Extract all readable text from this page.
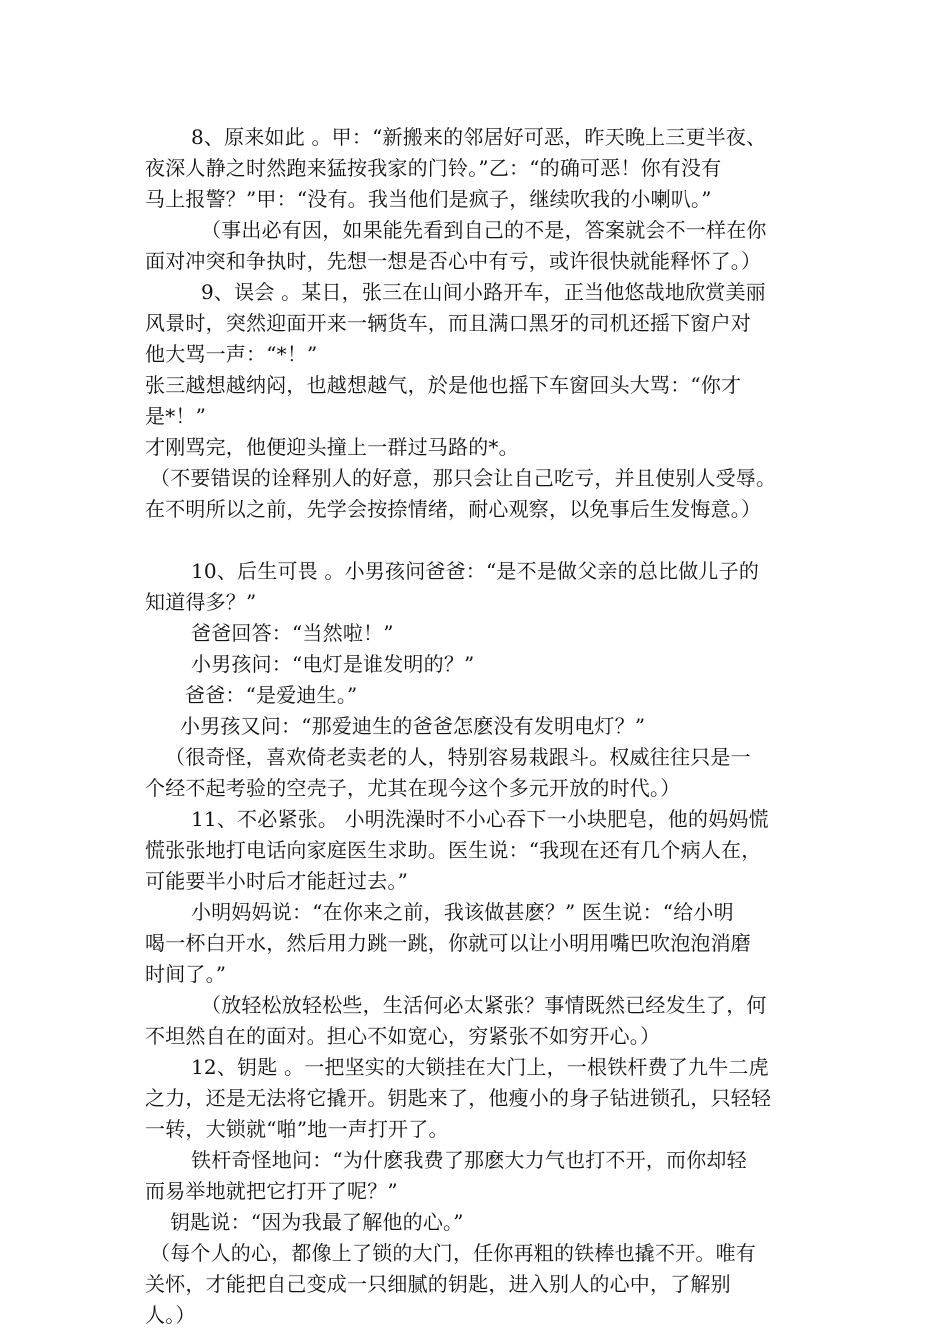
8、原来如此 。甲：“新搬来的邻居好可恶，昨天晚上三更半夜、
夜深人静之时然跑来猛按我家的门铃。”乙：“的确可恶！你有没有
马上报警？”甲：“没有。我当他们是疯子，继续吹我的小喇叭。”
（事出必有因，如果能先看到自己的不是，答案就会不一样在你
面对冲突和争执时，先想一想是否心中有亏，或许很快就能释怀了。）
9、误会 。某日，张三在山间小路开车，正当他悠哉地欣赏美丽
风景时，突然迎面开来一辆货车，而且满口黑牙的司机还摇下窗户对
他大骂一声：“*！”
张三越想越纳闷，也越想越气，於是他也摇下车窗回头大骂：“你才
是*！”
才刚骂完，他便迎头撞上一群过马路的*。
（不要错误的诠释别人的好意，那只会让自己吃亏，并且使别人受辱。
在不明所以之前，先学会按捺情绪，耐心观察，以免事后生发悔意。）
10、后生可畏 。小男孩问爸爸：“是不是做父亲的总比做儿子的
知道得多？”
爸爸回答：“当然啦！”
小男孩问：“电灯是谁发明的？”
爸爸：“是爱迪生。”
小男孩又问：“那爱迪生的爸爸怎麽没有发明电灯？”
（很奇怪，喜欢倚老卖老的人，特别容易栽跟斗。权威往往只是一
个经不起考验的空壳子，尤其在现今这个多元开放的时代。）
11、不必紧张。 小明洗澡时不小心吞下一小块肥皂，他的妈妈慌
慌张张地打电话向家庭医生求助。医生说：“我现在还有几个病人在，
可能要半小时后才能赶过去。”
小明妈妈说：“在你来之前，我该做甚麽？” 医生说：“给小明
喝一杯白开水，然后用力跳一跳，你就可以让小明用嘴巴吹泡泡消磨
时间了。”
（放轻松放轻松些，生活何必太紧张？事情既然已经发生了，何
不坦然自在的面对。担心不如宽心，穷紧张不如穷开心。）
12、钥匙 。一把坚实的大锁挂在大门上，一根铁杆费了九牛二虎
之力，还是无法将它撬开。钥匙来了，他瘦小的身子钻进锁孔，只轻轻
一转，大锁就“啪”地一声打开了。
铁杆奇怪地问：“为什麽我费了那麽大力气也打不开，而你却轻
而易举地就把它打开了呢？”
钥匙说：“因为我最了解他的心。”
（每个人的心，都像上了锁的大门，任你再粗的铁棒也撬不开。唯有
关怀，才能把自己变成一只细腻的钥匙，进入别人的心中，了解别
人。）
